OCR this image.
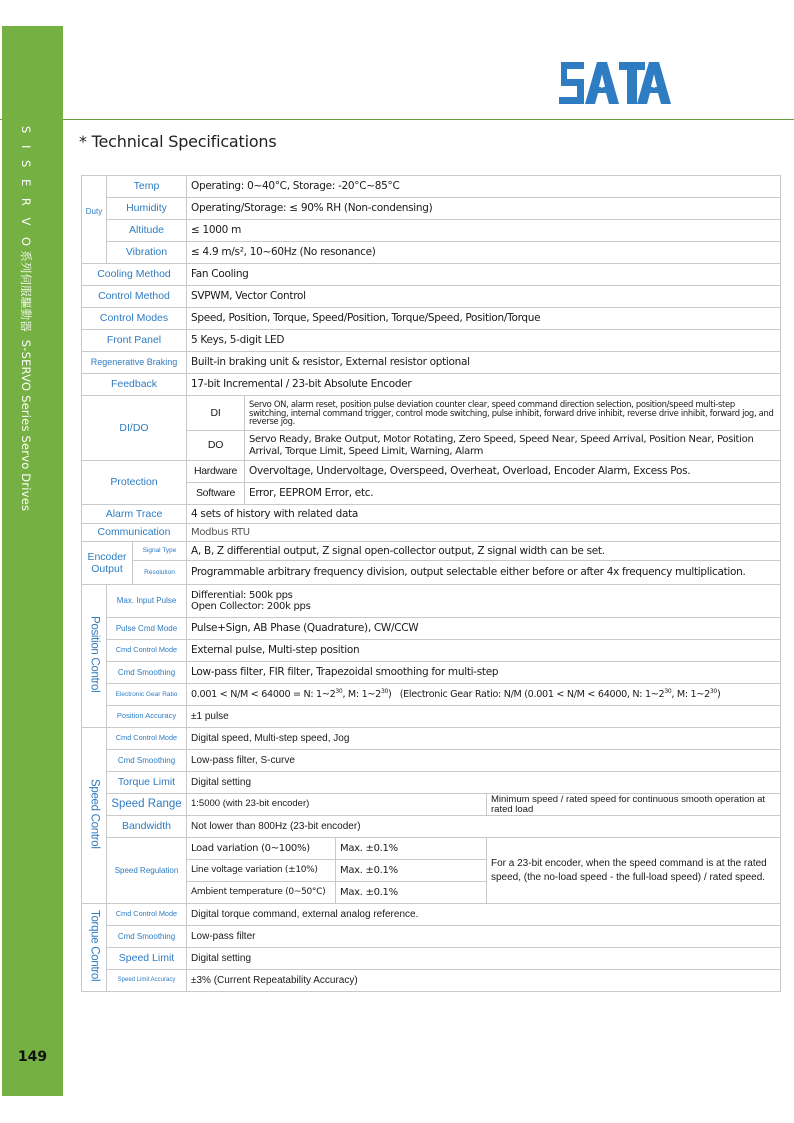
S I S E R V O系列伺服驅動器  S-SERVO Series Servo Drives
149
* Technical Specifications
Duty	Temp		Operating: 0~40°C, Storage: -20°C~85°C			
	Humidity		Operating/Storage: ≤ 90% RH (Non-condensing)			
	Altitude		≤ 1000 m			
	Vibration		≤ 4.9 m/s², 10~60Hz (No resonance)			
Cooling Method			Fan Cooling			
Control Method			SVPWM, Vector Control			
Control Modes			Speed, Position, Torque, Speed/Position, Torque/Speed, Position/Torque			
Front Panel			5 Keys, 5-digit LED			
Regenerative Braking			Built-in braking unit & resistor, External resistor optional			
Feedback			17-bit Incremental / 23-bit Absolute Encoder			
DI/DO			DI	Servo ON, alarm reset, position pulse deviation counter clear, speed command direction selection, position/speed multi-step switching, internal command trigger, control mode switching, pulse inhibit, forward drive inhibit, reverse drive inhibit, forward jog, and reverse jog.		
			DO	Servo Ready, Brake Output, Motor Rotating, Zero Speed, Speed Near, Speed Arrival, Position Near, Position Arrival, Torque Limit, Speed Limit, Warning, Alarm		
Protection			Hardware	Overvoltage, Undervoltage, Overspeed, Overheat, Overload, Encoder Alarm, Excess Pos.		
			Software	Error, EEPROM Error, etc.		
Alarm Trace			4 sets of history with related data			
Communication			Modbus RTU			
Encoder Output		Signal Type	A, B, Z differential output, Z signal open-collector output, Z signal width can be set.			
		Resolution	Programmable arbitrary frequency division, output selectable either before or after 4x frequency multiplication.			
Position Control	Max. Input Pulse		Differential: 500k pps
Open Collector: 200k pps			

	Pulse Cmd Mode		Pulse+Sign, AB Phase (Quadrature), CW/CCW			
	Cmd Control Mode		External pulse, Multi-step position			
	Cmd Smoothing		Low-pass filter, FIR filter, Trapezoidal smoothing for multi-step			
	Electronic Gear Ratio		0.001 < N/M < 64000 = N: $1\sim 2^{30}$, M: $1\sim 2^{30}$)   (Electronic Gear Ratio: N/M (0.001 < N/M < 64000, N: $1\sim 2^{30}$, M: $1\sim 2^{30}$)			
	Position Accuracy		±1 pulse			
Speed Control	Cmd Control Mode		Digital speed, Multi-step speed, Jog			
	Cmd Smoothing		Low-pass filter, S-curve			
	Torque Limit		Digital setting			
	Speed Range		1:5000 (with 23-bit encoder)			Minimum speed / rated speed for continuous smooth operation at rated load
	Bandwidth		Not lower than 800Hz (23-bit encoder)			
	Speed Regulation		Load variation (0~100%)		Max. ±0.1%	For a 23-bit encoder, when the speed command is at the rated speed, (the no-load speed - the full-load speed) / rated speed.
			Line voltage variation (±10%)		Max. ±0.1%	
			Ambient temperature (0~50°C)		Max. ±0.1%	
Torque Control	Cmd Control Mode		Digital torque command, external analog reference.			
	Cmd Smoothing		Low-pass filter			
	Speed Limit		Digital setting			
	Speed Limit Accuracy		±3% (Current Repeatability Accuracy)			
